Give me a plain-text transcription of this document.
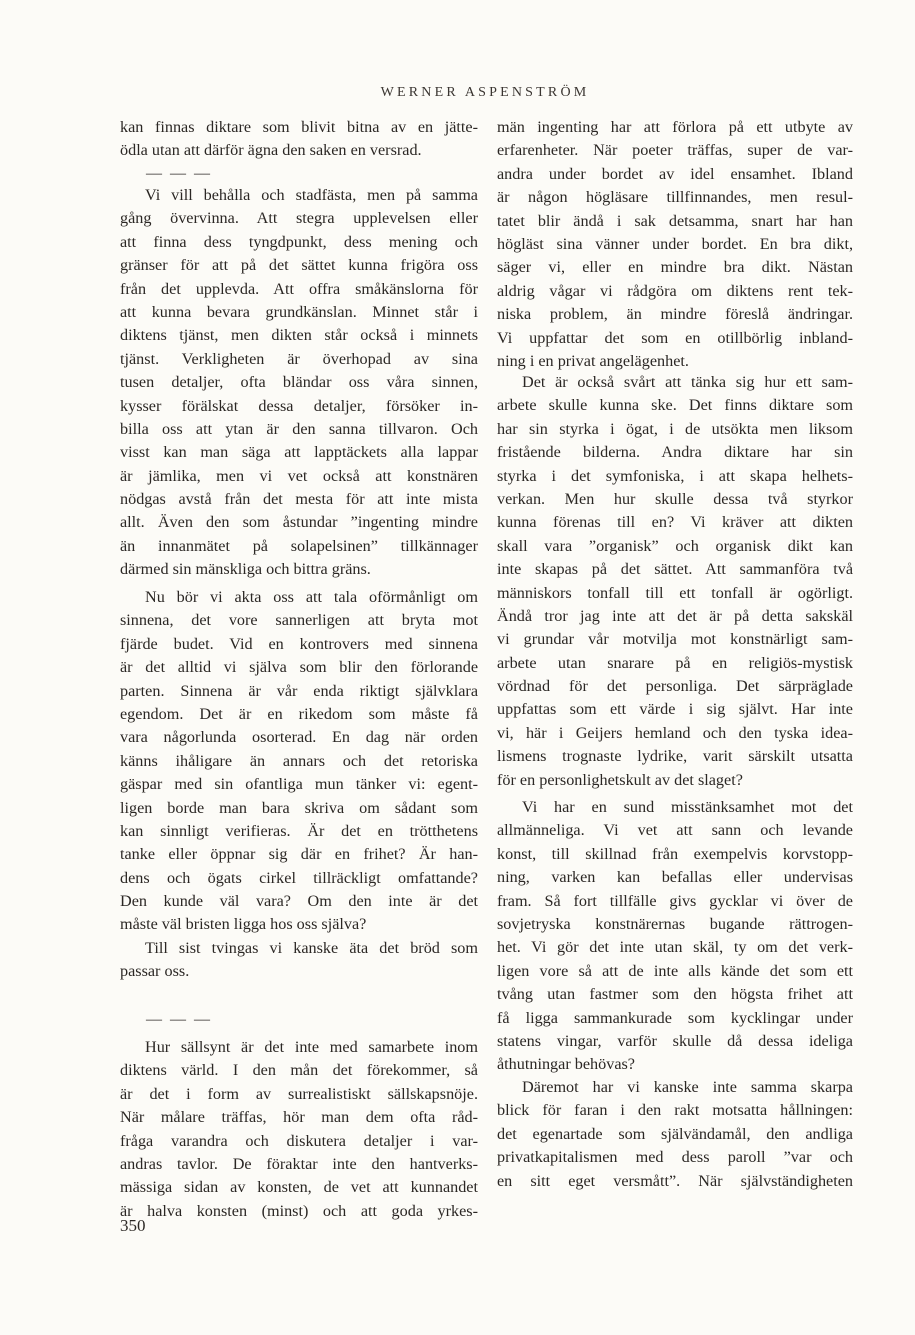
WERNER ASPENSTRÖM
kan finnas diktare som blivit bitna av en jätte-
ödla utan att därför ägna den saken en versrad.
— — —
Vi vill behålla och stadfästa, men på samma
gång övervinna. Att stegra upplevelsen eller
att finna dess tyngdpunkt, dess mening och
gränser för att på det sättet kunna frigöra oss
från det upplevda. Att offra småkänslorna för
att kunna bevara grundkänslan. Minnet står i
diktens tjänst, men dikten står också i minnets
tjänst. Verkligheten är överhopad av sina
tusen detaljer, ofta bländar oss våra sinnen,
kysser förälskat dessa detaljer, försöker in-
billa oss att ytan är den sanna tillvaron. Och
visst kan man säga att lapptäckets alla lappar
är jämlika, men vi vet också att konstnären
nödgas avstå från det mesta för att inte mista
allt. Även den som åstundar ”ingenting mindre
än innanmätet på solapelsinen” tillkännager
därmed sin mänskliga och bittra gräns.
Nu bör vi akta oss att tala oförmånligt om
sinnena, det vore sannerligen att bryta mot
fjärde budet. Vid en kontrovers med sinnena
är det alltid vi själva som blir den förlorande
parten. Sinnena är vår enda riktigt självklara
egendom. Det är en rikedom som måste få
vara någorlunda osorterad. En dag när orden
känns ihåligare än annars och det retoriska
gäspar med sin ofantliga mun tänker vi: egent-
ligen borde man bara skriva om sådant som
kan sinnligt verifieras. Är det en trötthetens
tanke eller öppnar sig där en frihet? Är han-
dens och ögats cirkel tillräckligt omfattande?
Den kunde väl vara? Om den inte är det
måste väl bristen ligga hos oss själva?
Till sist tvingas vi kanske äta det bröd som
passar oss.
— — —
Hur sällsynt är det inte med samarbete inom
diktens värld. I den mån det förekommer, så
är det i form av surrealistiskt sällskapsnöje.
När målare träffas, hör man dem ofta råd-
fråga varandra och diskutera detaljer i var-
andras tavlor. De föraktar inte den hantverks-
mässiga sidan av konsten, de vet att kunnandet
är halva konsten (minst) och att goda yrkes-
män ingenting har att förlora på ett utbyte av
erfarenheter. När poeter träffas, super de var-
andra under bordet av idel ensamhet. Ibland
är någon högläsare tillfinnandes, men resul-
tatet blir ändå i sak detsamma, snart har han
högläst sina vänner under bordet. En bra dikt,
säger vi, eller en mindre bra dikt. Nästan
aldrig vågar vi rådgöra om diktens rent tek-
niska problem, än mindre föreslå ändringar.
Vi uppfattar det som en otillbörlig inbland-
ning i en privat angelägenhet.
Det är också svårt att tänka sig hur ett sam-
arbete skulle kunna ske. Det finns diktare som
har sin styrka i ögat, i de utsökta men liksom
fristående bilderna. Andra diktare har sin
styrka i det symfoniska, i att skapa helhets-
verkan. Men hur skulle dessa två styrkor
kunna förenas till en? Vi kräver att dikten
skall vara ”organisk” och organisk dikt kan
inte skapas på det sättet. Att sammanföra två
människors tonfall till ett tonfall är ogörligt.
Ändå tror jag inte att det är på detta sakskäl
vi grundar vår motvilja mot konstnärligt sam-
arbete utan snarare på en religiös-mystisk
vördnad för det personliga. Det särpräglade
uppfattas som ett värde i sig självt. Har inte
vi, här i Geijers hemland och den tyska idea-
lismens trognaste lydrike, varit särskilt utsatta
för en personlighetskult av det slaget?
Vi har en sund misstänksamhet mot det
allmänneliga. Vi vet att sann och levande
konst, till skillnad från exempelvis korvstopp-
ning, varken kan befallas eller undervisas
fram. Så fort tillfälle givs gycklar vi över de
sovjetryska konstnärernas bugande rättrogen-
het. Vi gör det inte utan skäl, ty om det verk-
ligen vore så att de inte alls kände det som ett
tvång utan fastmer som den högsta frihet att
få ligga sammankurade som kycklingar under
statens vingar, varför skulle då dessa ideliga
åthutningar behövas?
Däremot har vi kanske inte samma skarpa
blick för faran i den rakt motsatta hållningen:
det egenartade som självändamål, den andliga
privatkapitalismen med dess paroll ”var och
en sitt eget versmått”. När självständigheten
350
